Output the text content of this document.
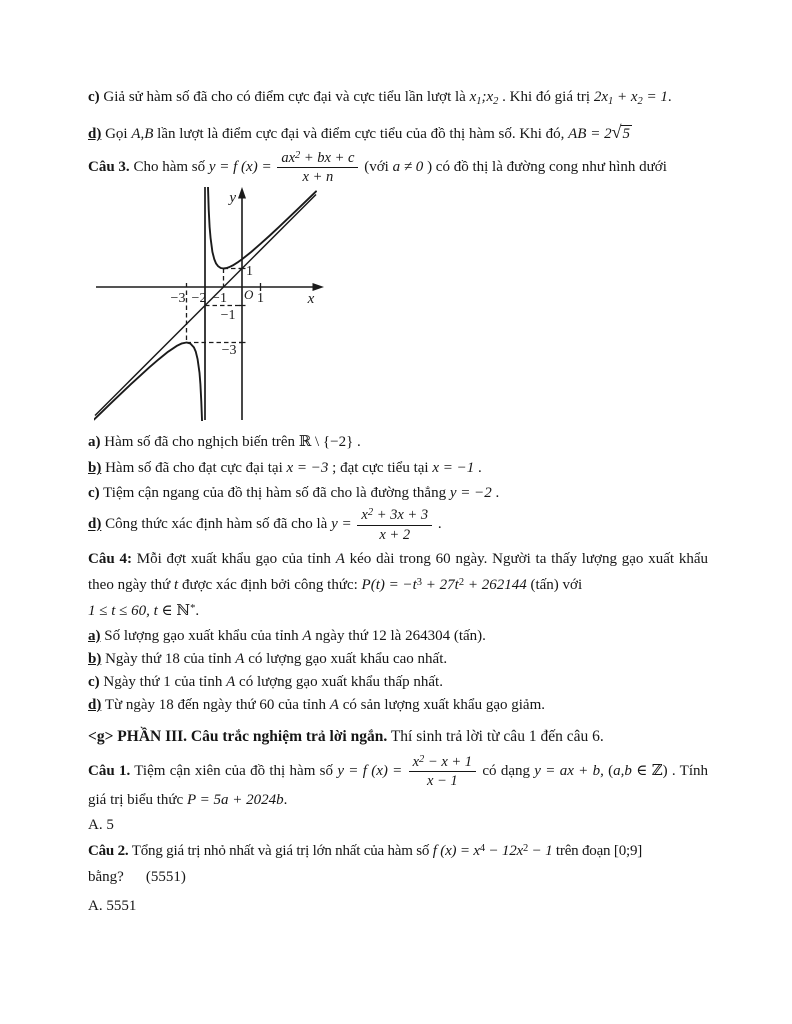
c) Giả sử hàm số đã cho có điểm cực đại và cực tiểu lần lượt là $x_1;x_2$ . Khi đó giá trị $2x_1 + x_2 = 1$.

d) Gọi A,B lần lượt là điểm cực đại và điểm cực tiểu của đồ thị hàm số. Khi đó, AB = 2√5

Câu 3. Cho hàm số y = f $(x) = \frac{ax^2 + bx + c}{x + n}$ (với a ≠ 0 ) có đồ thị là đường cong như hình dưới

y
x
O
−3 −2 −1 1
1
−1
−3

a) Hàm số đã cho nghịch biến trên ℝ \ {−2} .

b) Hàm số đã cho đạt cực đại tại x = −3 ; đạt cực tiểu tại x = −1 .

c) Tiệm cận ngang của đồ thị hàm số đã cho là đường thẳng y = −2 .

d) Công thức xác định hàm số đã cho là $y = \frac{x^2 + 3x + 3}{x + 2}$ .

Câu 4: Mỗi đợt xuất khẩu gạo của tỉnh A kéo dài trong 60 ngày. Người ta thấy lượng gạo xuất khẩu theo ngày thứ t được xác định bởi công thức: $P(t) = -t^3 + 27t^2 + 262144$ (tấn) với

1 ≤ t ≤ 60, t ∈ ℕ*.

a) Số lượng gạo xuất khẩu của tỉnh A ngày thứ 12 là 264304 (tấn).

b) Ngày thứ 18 của tỉnh A có lượng gạo xuất khẩu cao nhất.

c) Ngày thứ 1 của tỉnh A có lượng gạo xuất khẩu thấp nhất.

d) Từ ngày 18 đến ngày thứ 60 của tỉnh A có sản lượng xuất khẩu gạo giảm.

<g> PHẦN III. Câu trắc nghiệm trả lời ngắn. Thí sinh trả lời từ câu 1 đến câu 6.

Câu 1. Tiệm cận xiên của đồ thị hàm số y = f $(x) = \frac{x^2 - x + 1}{x - 1}$ có dạng y = ax + b, (a,b ∈ ℤ) . Tính giá trị biểu thức P = 5a + 2024b.

A. 5

Câu 2. Tổng giá trị nhỏ nhất và giá trị lớn nhất của hàm số f $(x) = x^4 - 12x^2 - 1$ trên đoạn [0;9]

bằng? (5551)

A. 5551
